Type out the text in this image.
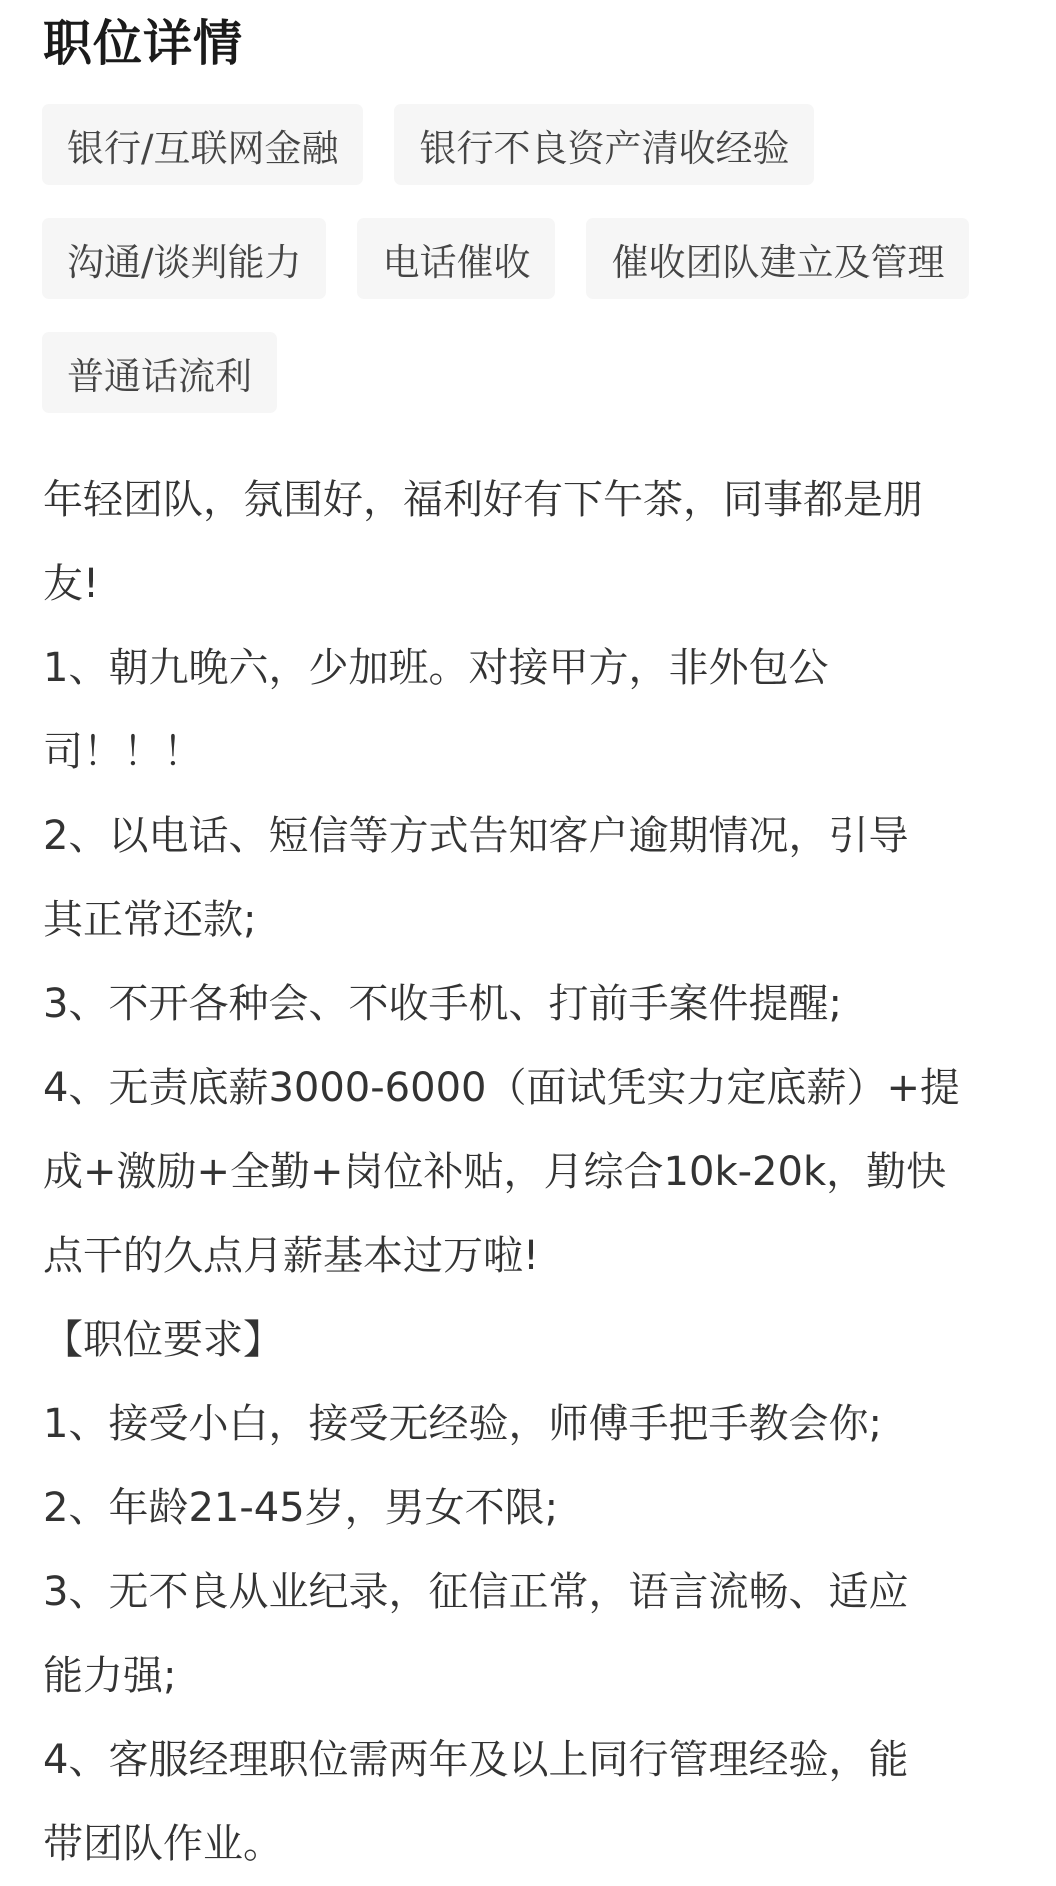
职位详情
银行/互联网金融	银行不良资产清收经验
沟通/谈判能力	电话催收	催收团队建立及管理
普通话流利
年轻团队，氛围好，福利好有下午茶，同事都是朋
友!
1、朝九晚六，少加班。对接甲方，非外包公
司！！！
2、以电话、短信等方式告知客户逾期情况，引导
其正常还款;
3、不开各种会、不收手机、打前手案件提醒;
4、无责底薪3000-6000（面试凭实力定底薪）+提
成+激励+全勤+岗位补贴，月综合10k-20k，勤快
点干的久点月薪基本过万啦!
【职位要求】
1、接受小白，接受无经验，师傅手把手教会你;
2、年龄21-45岁，男女不限;
3、无不良从业纪录，征信正常，语言流畅、适应
能力强;
4、客服经理职位需两年及以上同行管理经验，能
带团队作业。
